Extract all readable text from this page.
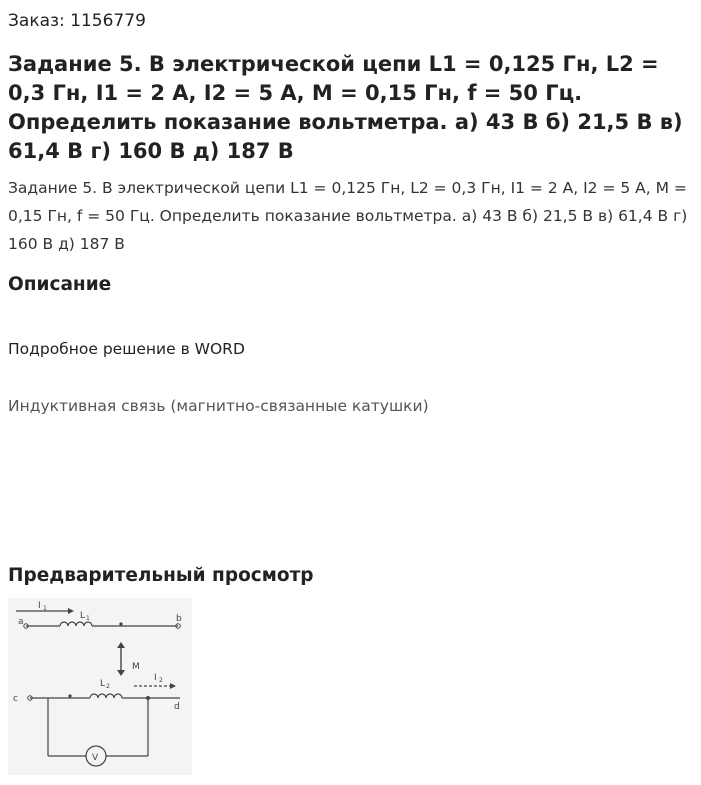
Заказ: 1156779
Задание 5. В электрической цепи L1 = 0,125 Гн, L2 = 0,3 Гн, I1 = 2 А, I2 = 5 А, M = 0,15 Гн, f = 50 Гц. Определить показание вольтметра. а) 43 В б) 21,5 В в) 61,4 В г) 160 В д) 187 В

Задание 5. В электрической цепи L1 = 0,125 Гн, L2 = 0,3 Гн, I1 = 2 А, I2 = 5 А, M = 0,15 Гн, f = 50 Гц. Определить показание вольтметра. а) 43 В б) 21,5 В в) 61,4 В г) 160 В д) 187 В

Описание
Подробное решение в WORD
Индуктивная связь (магнитно-связанные катушки)
Предварительный просмотр
I 1
L 1
a	b
M
L 2
I 2
c
d
V
